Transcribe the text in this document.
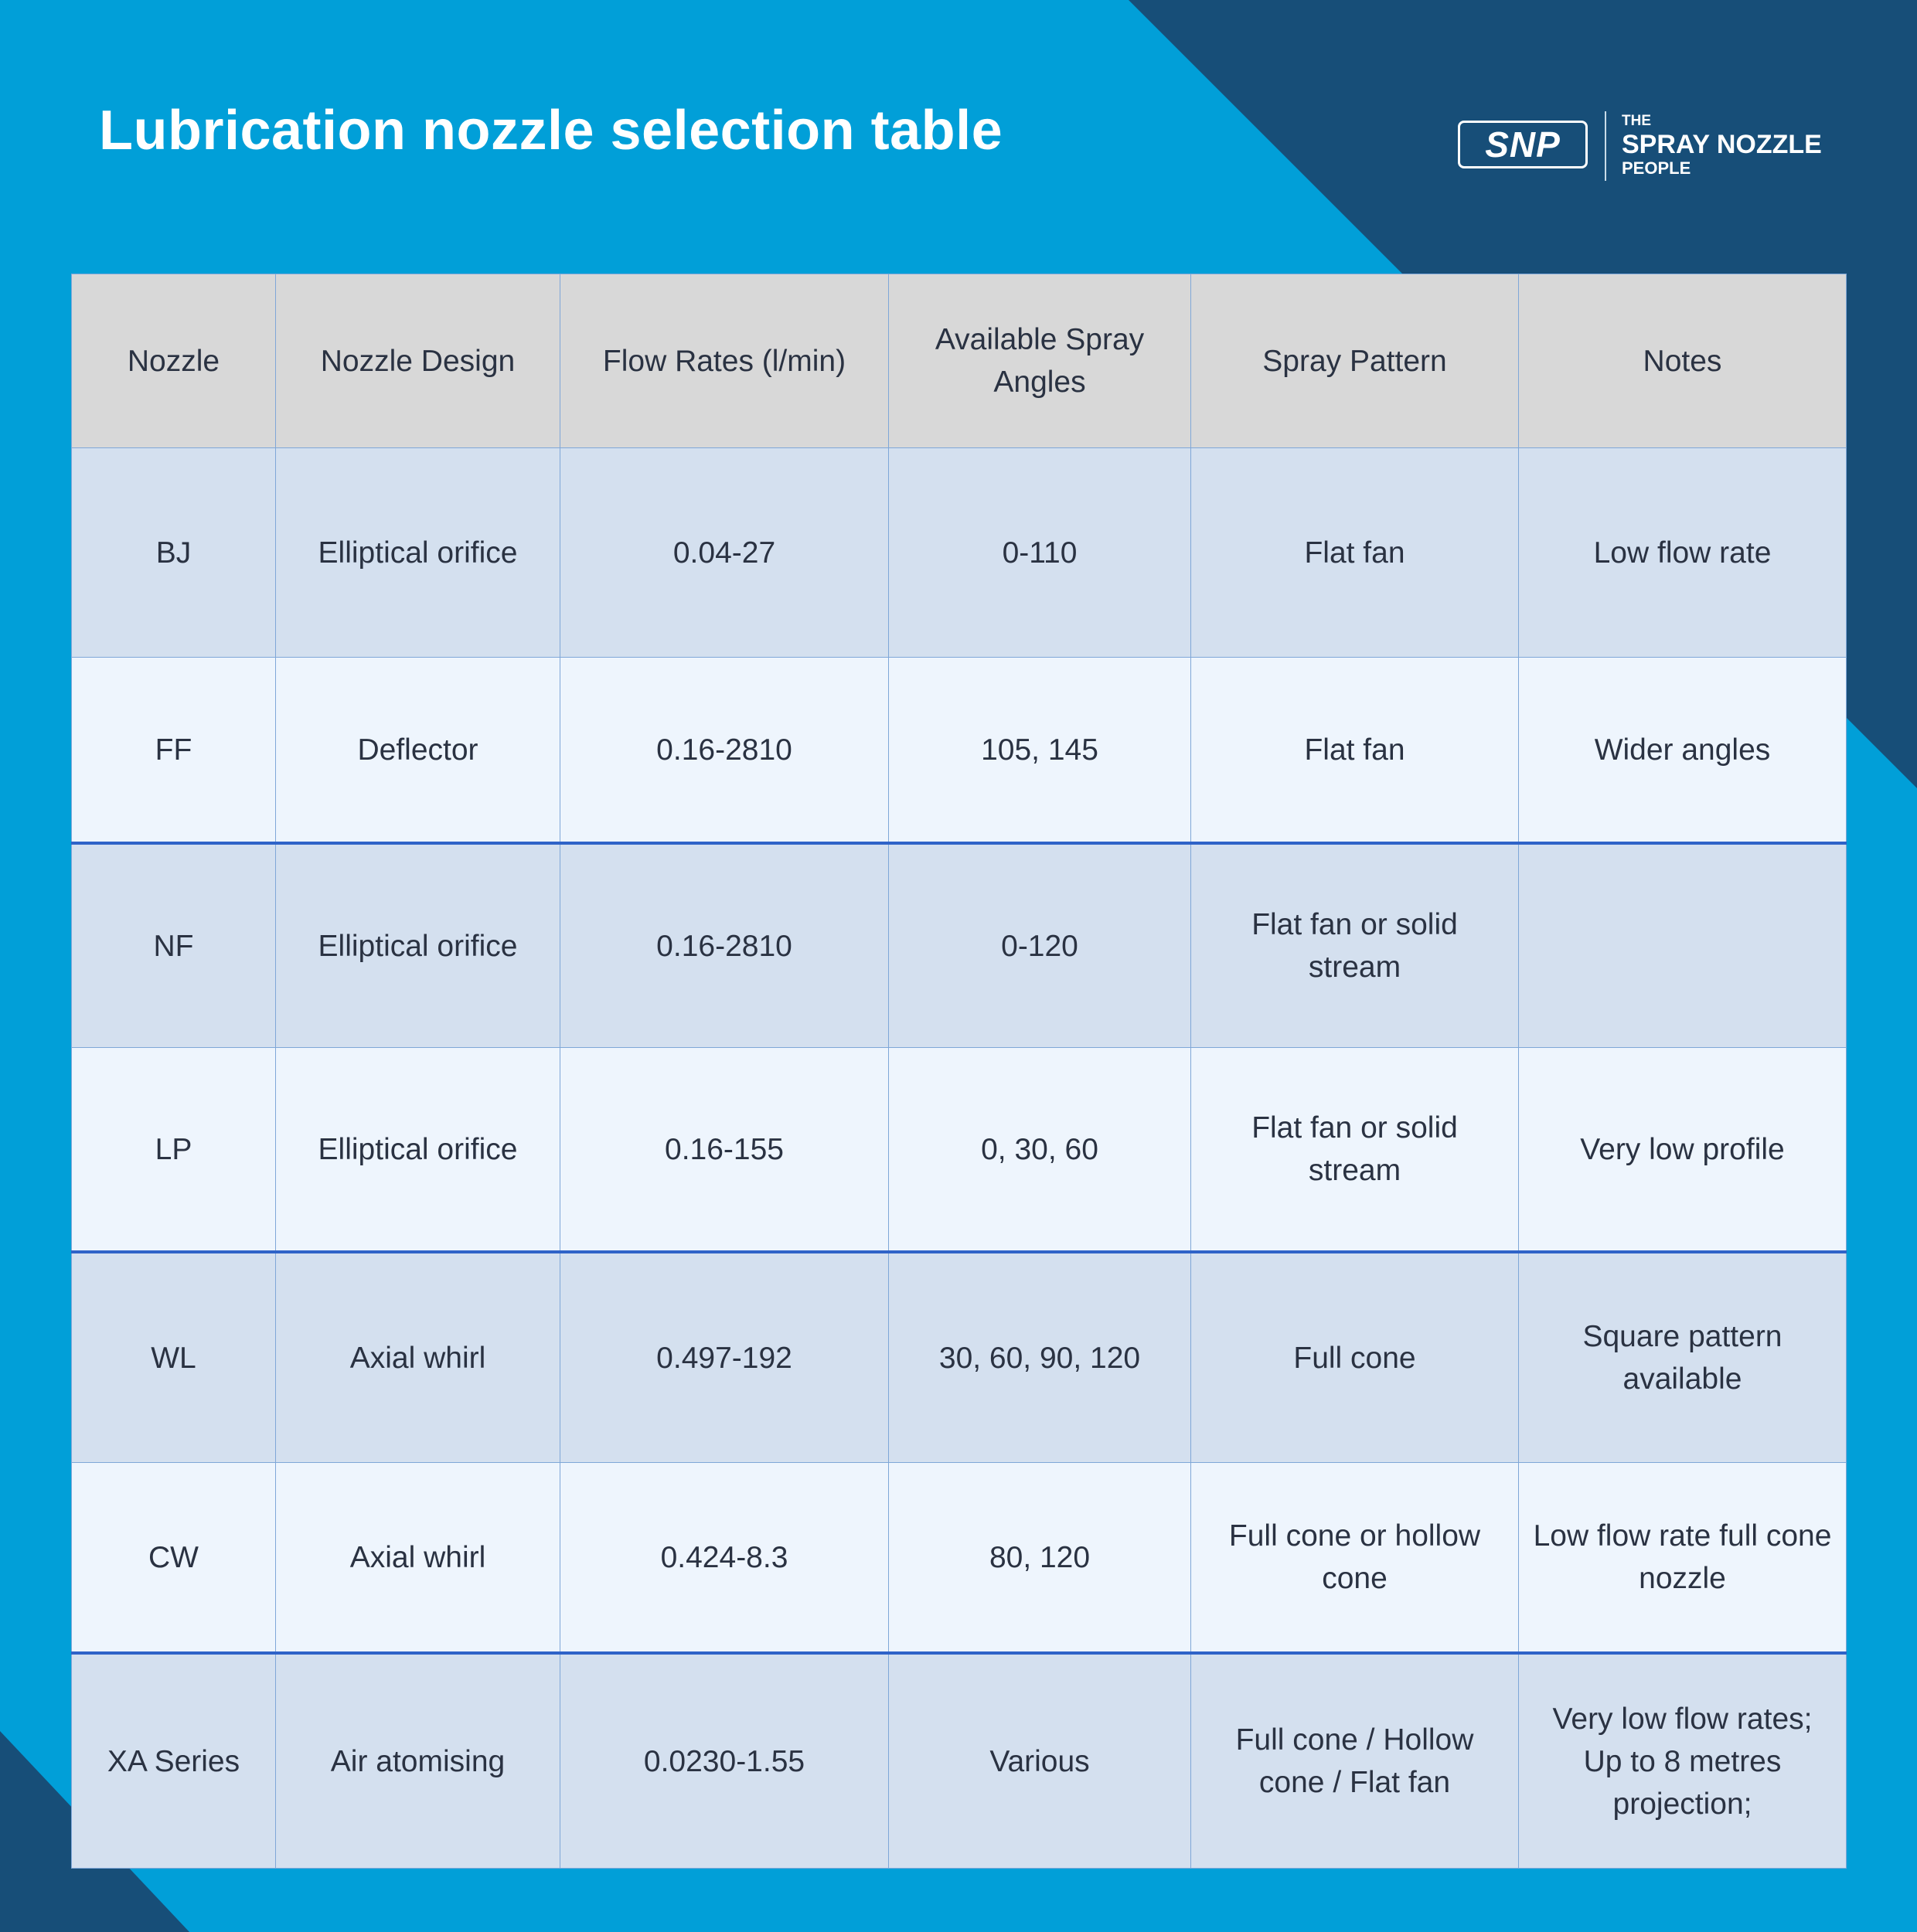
Lubrication nozzle selection table	SNP
THE
SPRAY NOZZLE
PEOPLE
Nozzle	Nozzle Design	Flow Rates (l/min)	Available Spray Angles	Spray Pattern	Notes
BJ	Elliptical orifice	0.04-27	0-110	Flat fan	Low flow rate
FF	Deflector	0.16-2810	105, 145	Flat fan	Wider angles
NF	Elliptical orifice	0.16-2810	0-120	Flat fan or solid stream	
LP	Elliptical orifice	0.16-155	0, 30, 60	Flat fan or solid stream	Very low profile
WL	Axial whirl	0.497-192	30, 60, 90, 120	Full cone	Square pattern available
CW	Axial whirl	0.424-8.3	80, 120	Full cone or hollow cone	Low flow rate full cone nozzle
XA Series	Air atomising	0.0230-1.55	Various	Full cone / Hollow cone / Flat fan	Very low flow rates; Up to 8 metres projection;
